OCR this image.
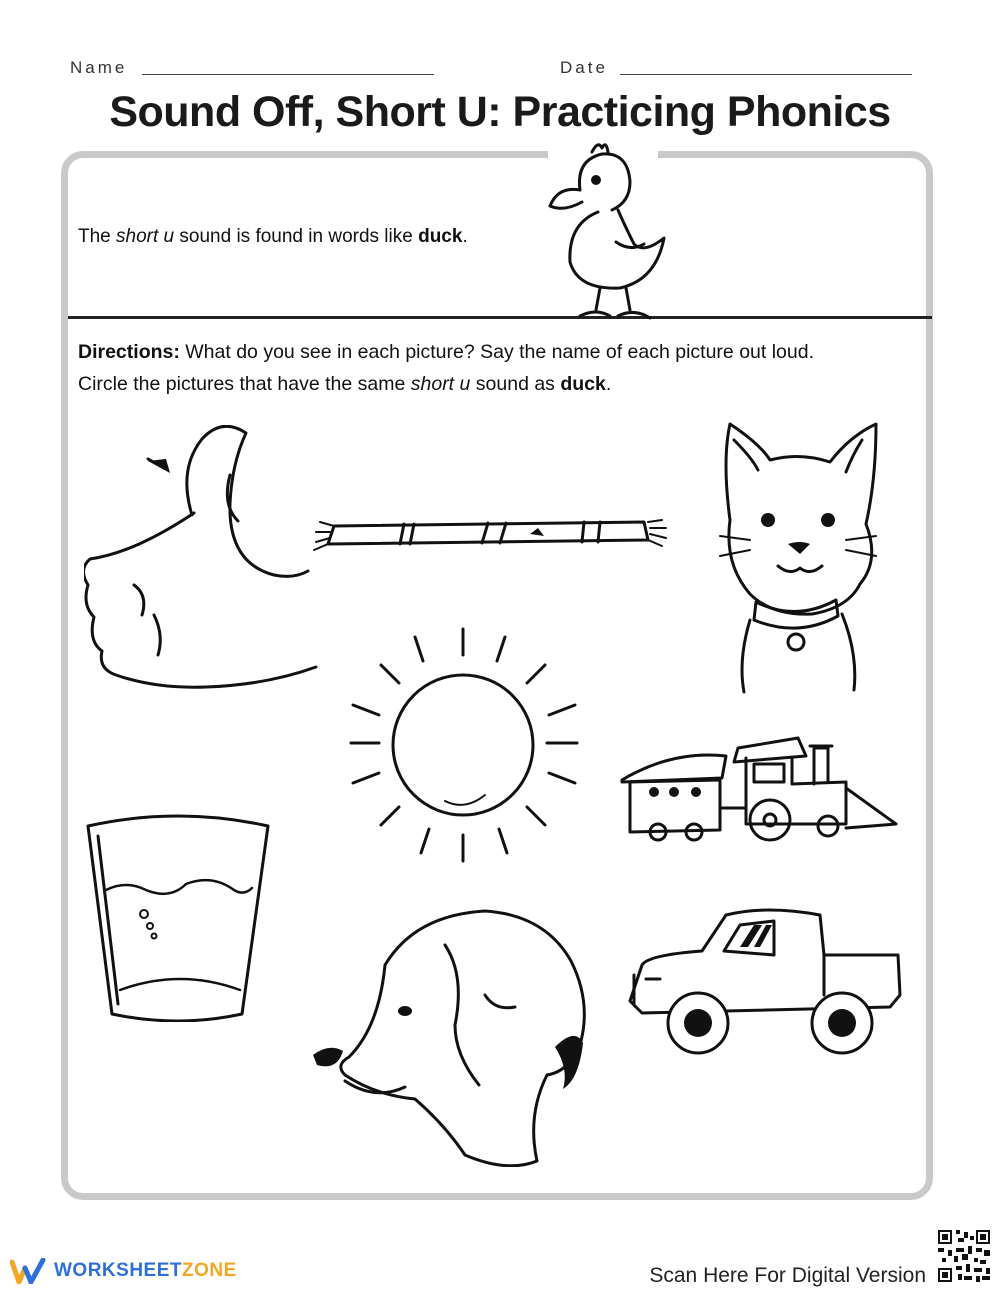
Name	Date
Sound Off, Short U: Practicing Phonics
The short u sound is found in words like duck.
Directions: What do you see in each picture? Say the name of each picture out loud.
Circle the pictures that have the same short u sound as duck.
WORKSHEETZONE	Scan Here For Digital Version
